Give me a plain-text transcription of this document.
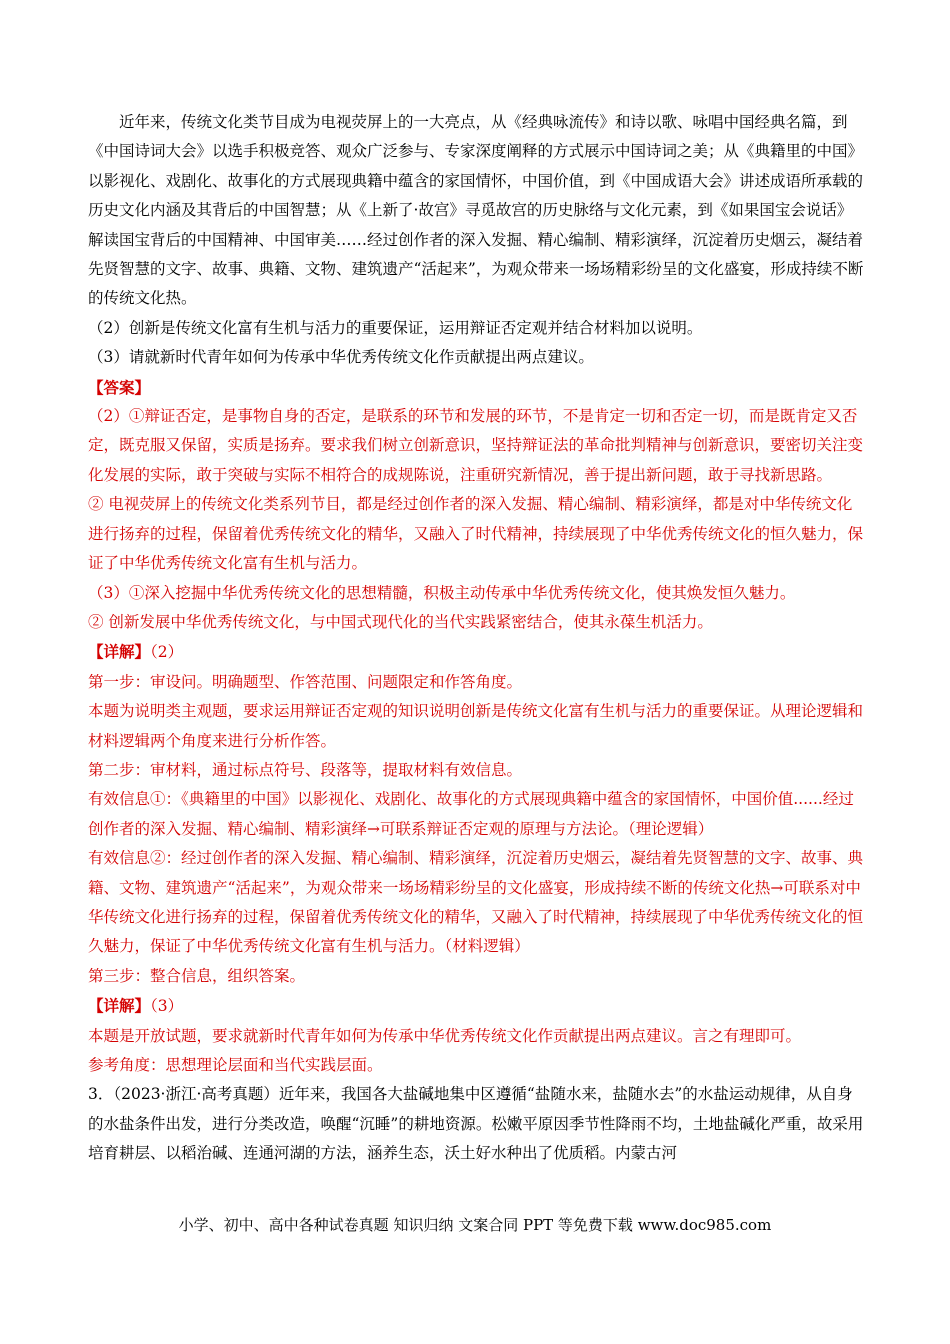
近年来，传统文化类节目成为电视荧屏上的一大亮点，从《经典咏流传》和诗以歌、咏唱中国经典名篇，到《中国诗词大会》以选手积极竞答、观众广泛参与、专家深度阐释的方式展示中国诗词之美；从《典籍里的中国》以影视化、戏剧化、故事化的方式展现典籍中蕴含的家国情怀，中国价值，到《中国成语大会》讲述成语所承载的历史文化内涵及其背后的中国智慧；从《上新了·故宫》寻觅故宫的历史脉络与文化元素，到《如果国宝会说话》解读国宝背后的中国精神、中国审美……经过创作者的深入发掘、精心编制、精彩演绎，沉淀着历史烟云，凝结着先贤智慧的文字、故事、典籍、文物、建筑遗产“活起来”，为观众带来一场场精彩纷呈的文化盛宴，形成持续不断的传统文化热。

（2）创新是传统文化富有生机与活力的重要保证，运用辩证否定观并结合材料加以说明。

（3）请就新时代青年如何为传承中华优秀传统文化作贡献提出两点建议。

【答案】

（2）①辩证否定，是事物自身的否定，是联系的环节和发展的环节，不是肯定一切和否定一切，而是既肯定又否定，既克服又保留，实质是扬弃。要求我们树立创新意识，坚持辩证法的革命批判精神与创新意识，要密切关注变化发展的实际，敢于突破与实际不相符合的成规陈说，注重研究新情况，善于提出新问题，敢于寻找新思路。

② 电视荧屏上的传统文化类系列节目，都是经过创作者的深入发掘、精心编制、精彩演绎，都是对中华传统文化进行扬弃的过程，保留着优秀传统文化的精华，又融入了时代精神，持续展现了中华优秀传统文化的恒久魅力，保证了中华优秀传统文化富有生机与活力。

（3）①深入挖掘中华优秀传统文化的思想精髓，积极主动传承中华优秀传统文化，使其焕发恒久魅力。

② 创新发展中华优秀传统文化，与中国式现代化的当代实践紧密结合，使其永葆生机活力。

【详解】（2）

第一步：审设问。明确题型、作答范围、问题限定和作答角度。

本题为说明类主观题，要求运用辩证否定观的知识说明创新是传统文化富有生机与活力的重要保证。从理论逻辑和材料逻辑两个角度来进行分析作答。

第二步：审材料，通过标点符号、段落等，提取材料有效信息。

有效信息①：《典籍里的中国》以影视化、戏剧化、故事化的方式展现典籍中蕴含的家国情怀，中国价值......经过创作者的深入发掘、精心编制、精彩演绎→可联系辩证否定观的原理与方法论。（理论逻辑）

有效信息②：经过创作者的深入发掘、精心编制、精彩演绎，沉淀着历史烟云，凝结着先贤智慧的文字、故事、典籍、文物、建筑遗产“活起来”，为观众带来一场场精彩纷呈的文化盛宴，形成持续不断的传统文化热→可联系对中华传统文化进行扬弃的过程，保留着优秀传统文化的精华，又融入了时代精神，持续展现了中华优秀传统文化的恒久魅力，保证了中华优秀传统文化富有生机与活力。（材料逻辑）

第三步：整合信息，组织答案。

【详解】（3）

本题是开放试题，要求就新时代青年如何为传承中华优秀传统文化作贡献提出两点建议。言之有理即可。

参考角度：思想理论层面和当代实践层面。

3．（2023·浙江·高考真题）近年来，我国各大盐碱地集中区遵循“盐随水来，盐随水去”的水盐运动规律，从自身的水盐条件出发，进行分类改造，唤醒“沉睡”的耕地资源。松嫩平原因季节性降雨不均，土地盐碱化严重，故采用培育耕层、以稻治碱、连通河湖的方法，涵养生态，沃土好水种出了优质稻。内蒙古河

小学、初中、高中各种试卷真题 知识归纳 文案合同 PPT 等免费下载 www.doc985.com
